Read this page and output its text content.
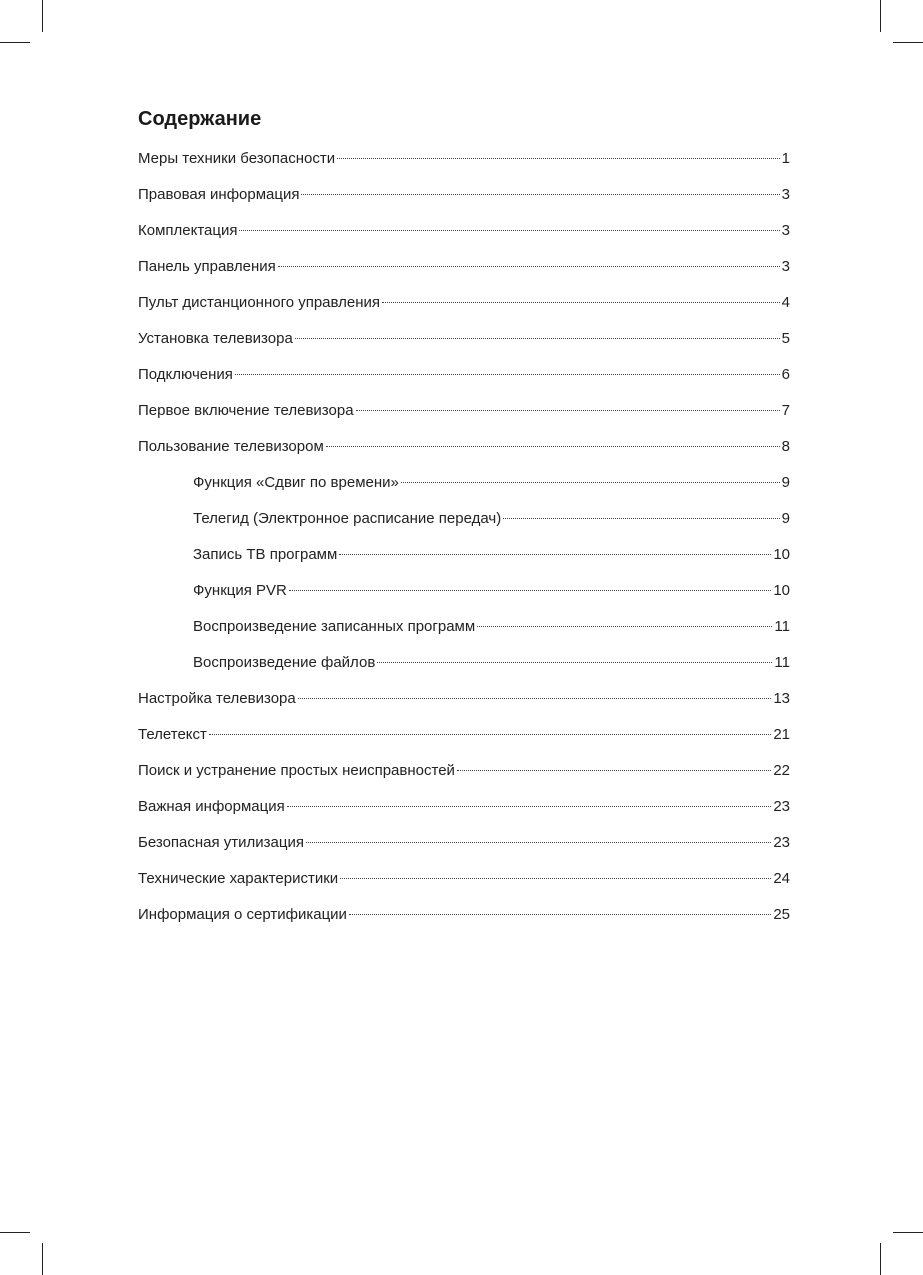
Содержание
Меры техники безопасности	1
Правовая информация	3
Комплектация	3
Панель управления	3
Пульт дистанционного управления	4
Установка телевизора	5
Подключения	6
Первое включение телевизора	7
Пользование телевизором	8
Функция «Сдвиг по времени»	9
Телегид (Электронное расписание передач)	9
Запись ТВ программ	10
Функция PVR	10
Воспроизведение записанных программ	11
Воспроизведение файлов	11
Настройка телевизора	13
Телетекст	21
Поиск и устранение простых неисправностей	22
Важная информация	23
Безопасная утилизация	23
Технические характеристики	24
Информация о сертификации	25
